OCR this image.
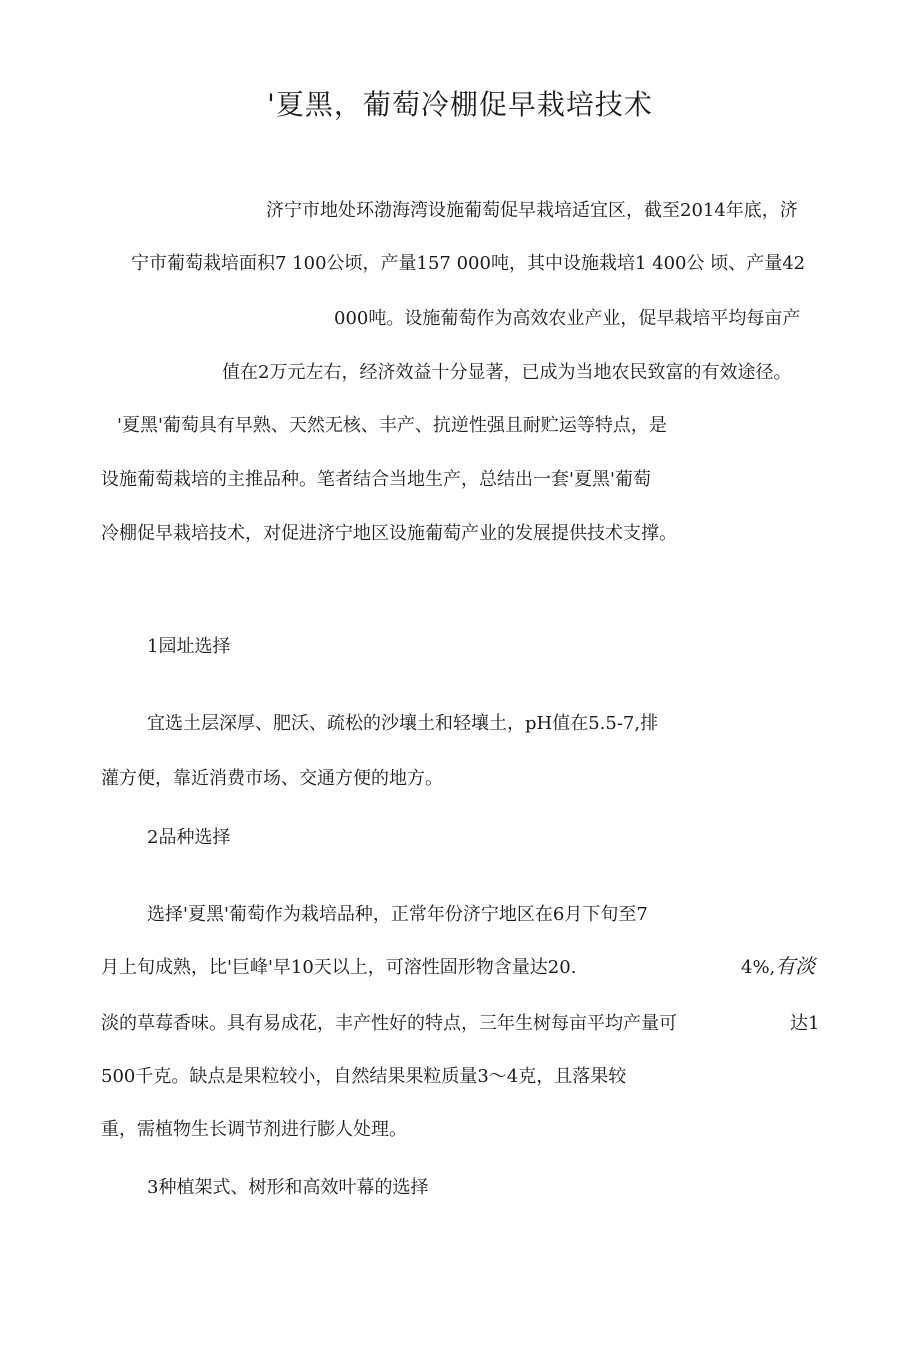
'夏黑，葡萄冷棚促早栽培技术
济宁市地处环渤海湾设施葡萄促早栽培适宜区，截至2014年底，济
宁市葡萄栽培面积7 100公顷，产量157 000吨，其中设施栽培1 400公 顷、产量42
000吨。设施葡萄作为高效农业产业，促早栽培平均每亩产
值在2万元左右，经济效益十分显著，已成为当地农民致富的有效途径。
'夏黑'葡萄具有早熟、天然无核、丰产、抗逆性强且耐贮运等特点，是
设施葡萄栽培的主推品种。笔者结合当地生产，总结出一套'夏黑'葡萄
冷棚促早栽培技术，对促进济宁地区设施葡萄产业的发展提供技术支撑。
1园址选择
宜选土层深厚、肥沃、疏松的沙壤土和轻壤土，pH值在5.5-7,排
灌方便，靠近消费市场、交通方便的地方。
2品种选择
选择'夏黑'葡萄作为栽培品种，正常年份济宁地区在6月下旬至7
月上旬成熟，比'巨峰'早10天以上，可溶性固形物含量达20.	4%,有淡
淡的草莓香味。具有易成花，丰产性好的特点，三年生树每亩平均产量可	达1
500千克。缺点是果粒较小，自然结果果粒质量3～4克，且落果较
重，需植物生长调节剂进行膨人处理。
3种植架式、树形和高效叶幕的选择
